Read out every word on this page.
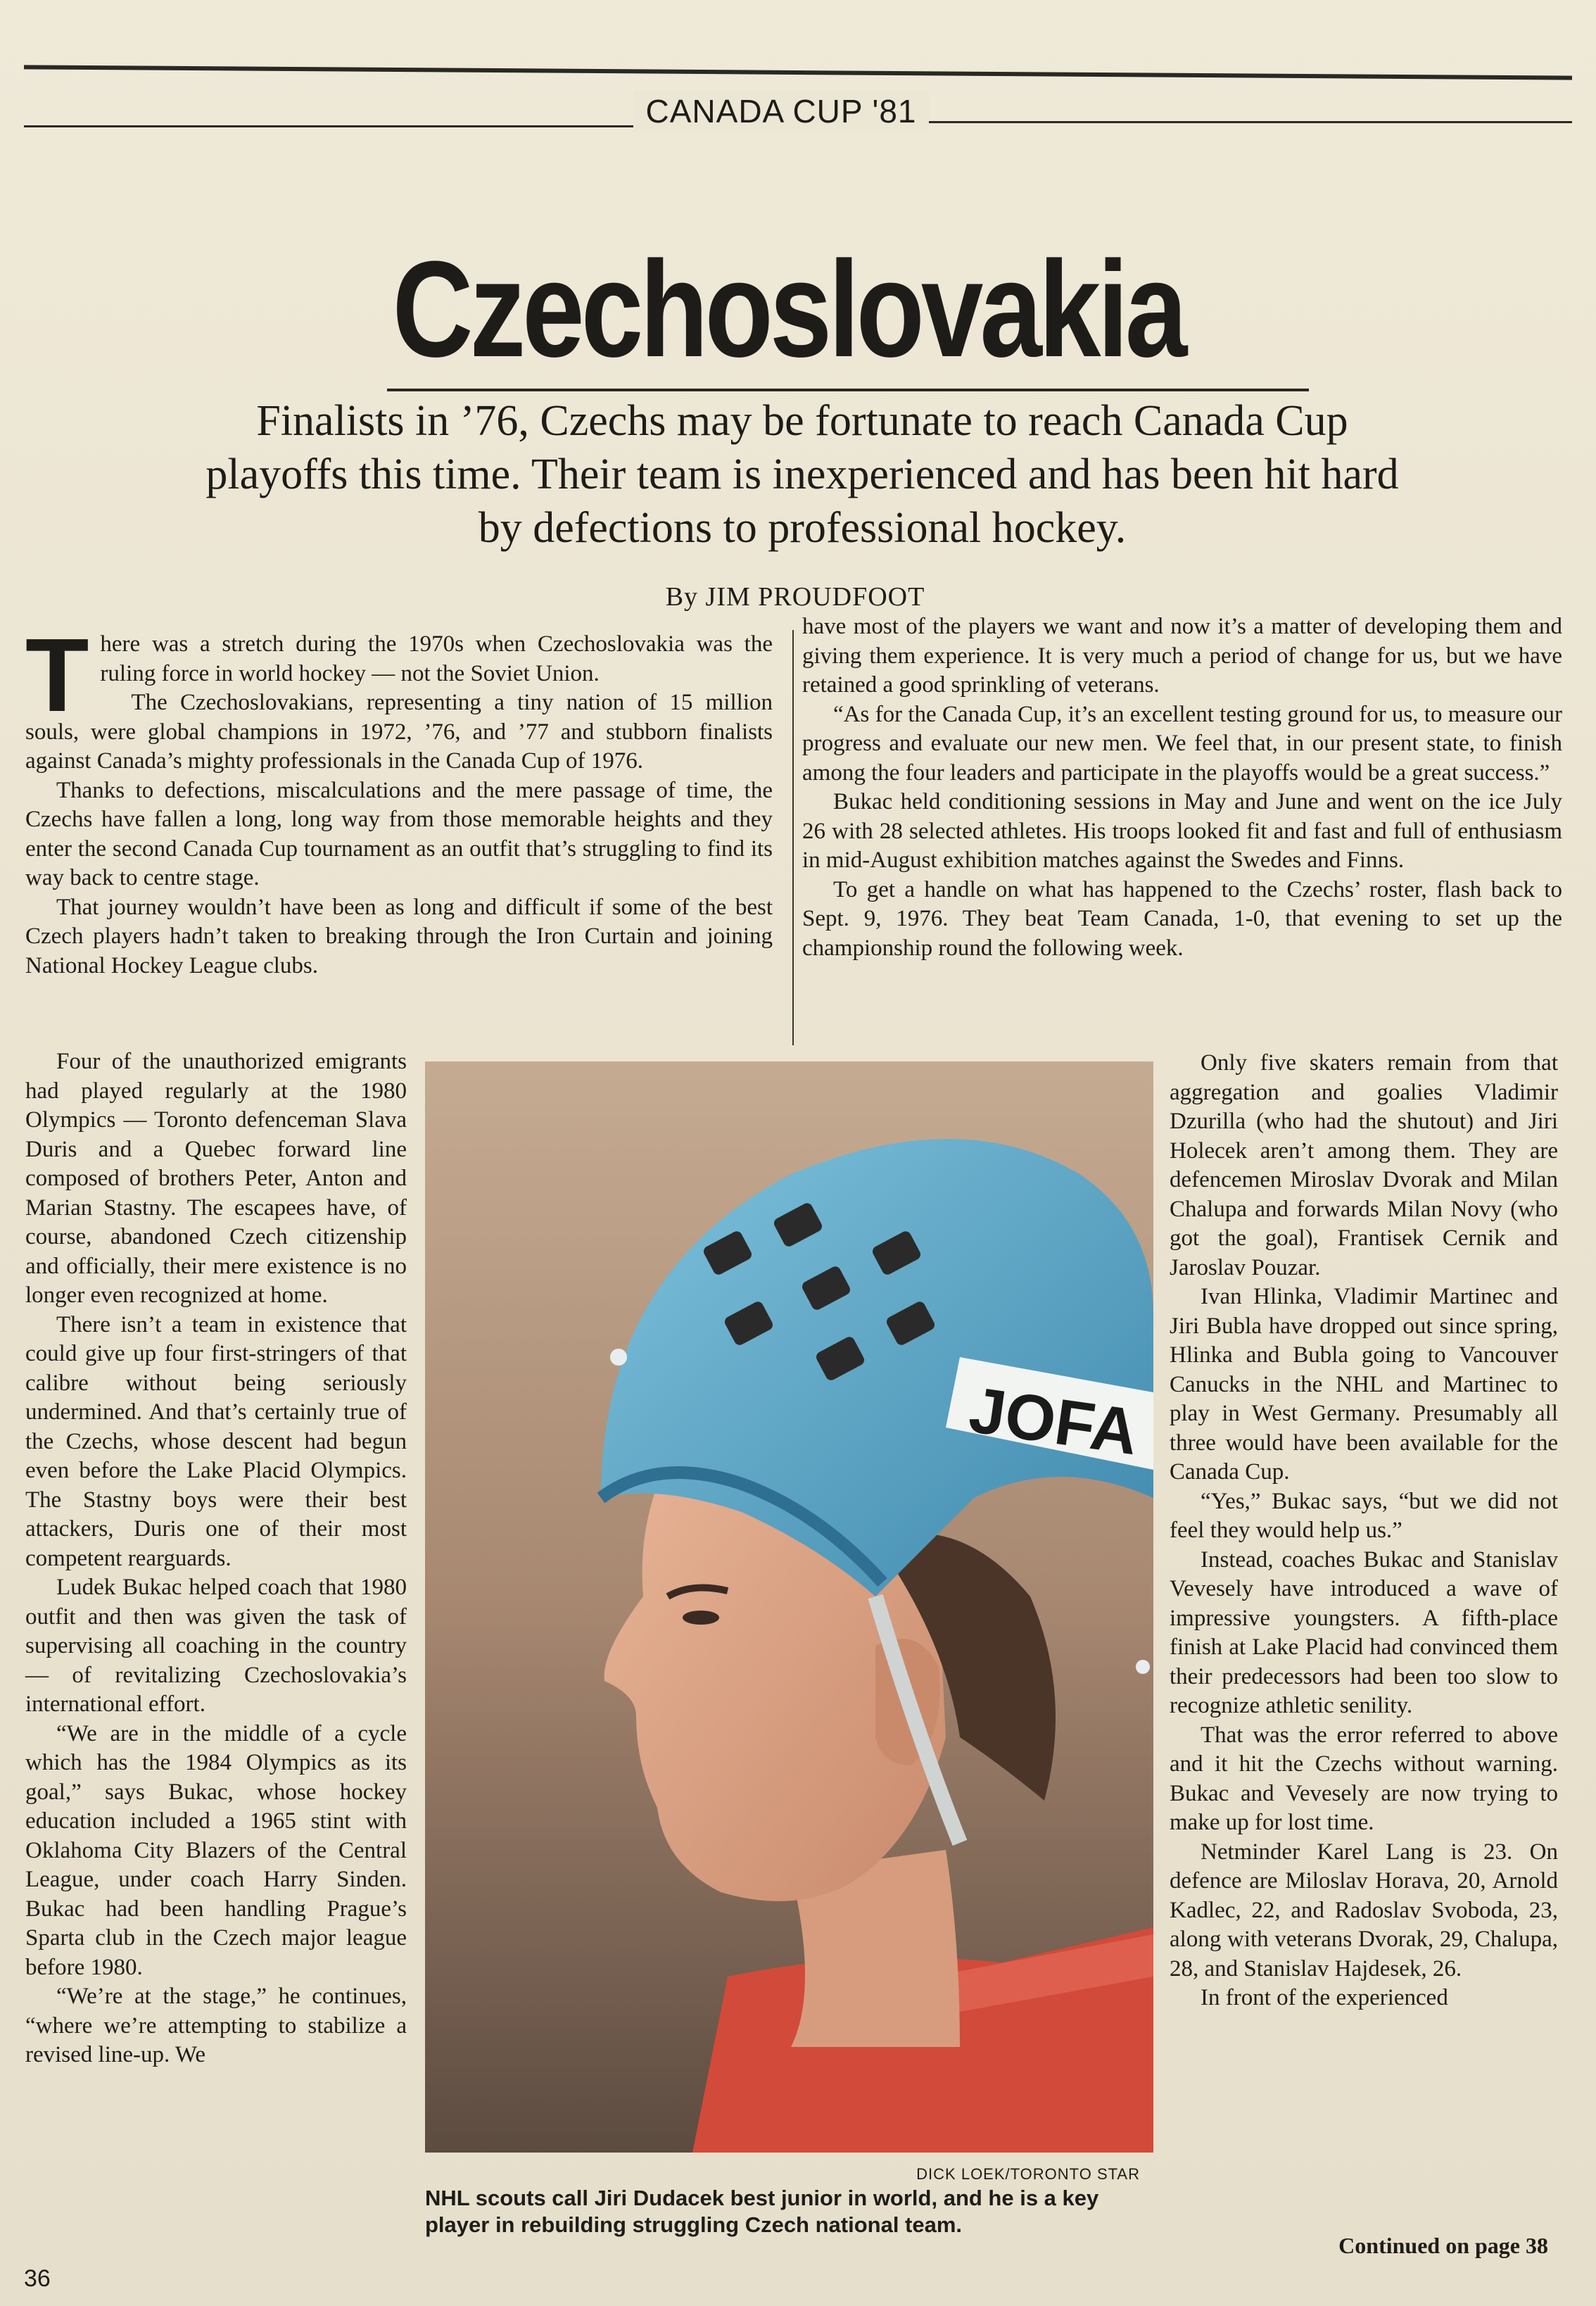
CANADA CUP '81
Czechoslovakia
Finalists in ’76, Czechs may be fortunate to reach Canada Cup playoffs this time. Their team is inexperienced and has been hit hard by defections to professional hockey.
By JIM PROUDFOOT

There was a stretch during the 1970s when Czechoslovakia was the ruling force in world hockey — not the Soviet Union.

The Czechoslovakians, representing a tiny nation of 15 million souls, were global champions in 1972, ’76, and ’77 and stubborn finalists against Canada’s mighty professionals in the Canada Cup of 1976.

Thanks to defections, miscalculations and the mere passage of time, the Czechs have fallen a long, long way from those memorable heights and they enter the second Canada Cup tournament as an outfit that’s struggling to find its way back to centre stage.

That journey wouldn’t have been as long and difficult if some of the best Czech players hadn’t taken to breaking through the Iron Curtain and joining National Hockey League clubs.

have most of the players we want and now it’s a matter of developing them and giving them experience. It is very much a period of change for us, but we have retained a good sprinkling of veterans.

“As for the Canada Cup, it’s an excellent testing ground for us, to measure our progress and evaluate our new men. We feel that, in our present state, to finish among the four leaders and participate in the playoffs would be a great success.”

Bukac held conditioning sessions in May and June and went on the ice July 26 with 28 selected athletes. His troops looked fit and fast and full of enthusiasm in mid-August exhibition matches against the Swedes and Finns.

To get a handle on what has happened to the Czechs’ roster, flash back to Sept. 9, 1976. They beat Team Canada, 1-0, that evening to set up the championship round the following week.

Four of the unauthorized emigrants had played regularly at the 1980 Olympics — Toronto defenceman Slava Duris and a Quebec forward line composed of brothers Peter, Anton and Marian Stastny. The escapees have, of course, abandoned Czech citizenship and officially, their mere existence is no longer even recognized at home.

There isn’t a team in existence that could give up four first-stringers of that calibre without being seriously undermined. And that’s certainly true of the Czechs, whose descent had begun even before the Lake Placid Olympics. The Stastny boys were their best attackers, Duris one of their most competent rearguards.

Ludek Bukac helped coach that 1980 outfit and then was given the task of supervising all coaching in the country — of revitalizing Czechoslovakia’s international effort.

“We are in the middle of a cycle which has the 1984 Olympics as its goal,” says Bukac, whose hockey education included a 1965 stint with Oklahoma City Blazers of the Central League, under coach Harry Sinden. Bukac had been handling Prague’s Sparta club in the Czech major league before 1980.

“We’re at the stage,” he continues, “where we’re attempting to stabilize a revised line-up. We

JOFA
DICK LOEK/TORONTO STAR
NHL scouts call Jiri Dudacek best junior in world, and he is a key player in rebuilding struggling Czech national team.

Only five skaters remain from that aggregation and goalies Vladimir Dzurilla (who had the shutout) and Jiri Holecek aren’t among them. They are defencemen Miroslav Dvorak and Milan Chalupa and forwards Milan Novy (who got the goal), Frantisek Cernik and Jaroslav Pouzar.

Ivan Hlinka, Vladimir Martinec and Jiri Bubla have dropped out since spring, Hlinka and Bubla going to Vancouver Canucks in the NHL and Martinec to play in West Germany. Presumably all three would have been available for the Canada Cup.

“Yes,” Bukac says, “but we did not feel they would help us.”

Instead, coaches Bukac and Stanislav Vevesely have introduced a wave of impressive youngsters. A fifth-place finish at Lake Placid had convinced them their predecessors had been too slow to recognize athletic senility.

That was the error referred to above and it hit the Czechs without warning. Bukac and Vevesely are now trying to make up for lost time.

Netminder Karel Lang is 23. On defence are Miloslav Horava, 20, Arnold Kadlec, 22, and Radoslav Svoboda, 23, along with veterans Dvorak, 29, Chalupa, 28, and Stanislav Hajdesek, 26.

In front of the experienced

Continued on page 38
36
